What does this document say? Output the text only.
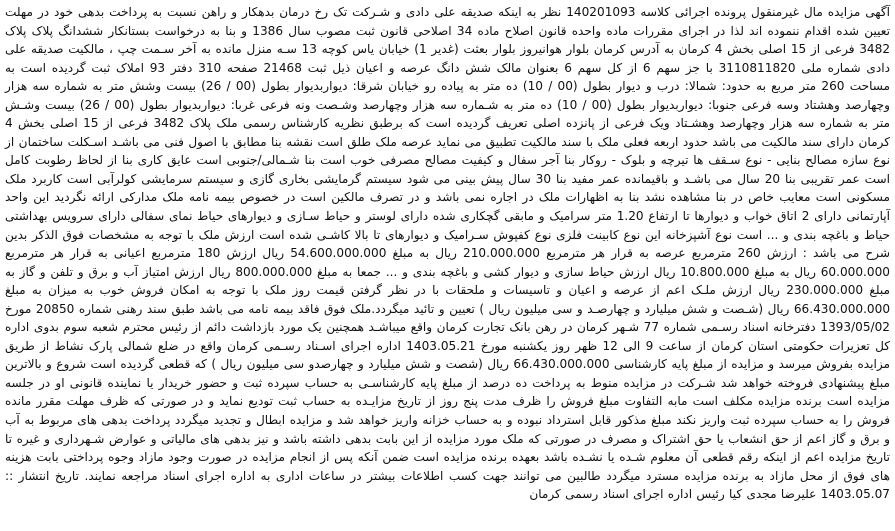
آگهی مزایده مال غیرمنقول پرونده اجرائی کلاسه 140201093 نظر به اینکه صدیقه علی دادی و شـرکت تک رخ درمان بدهکار و راهن نسبت به پرداخت بدهی خود در مهلت تعیین شده اقدام ننموده اند لذا در اجرای مقررات ماده واحده قانون اصلاح ماده 34 اصلاحی قانون ثبت مصوب سال 1386 و بنا به درخواست بستانکار ششدانگ پلاک پلاک 3482 فرعی از 15 اصلی بخش 4 کرمان به آدرس کرمان بلوار هوانیروز بلوار بعثت (غدیر 1) خیابان یاس کوچه 13 سـه منزل مانده به آخر سـمت چپ ، مالکیت صدیقه علی دادی شماره ملی 3110811820 با جز سهم 6 از کل سهم 6 بعنوان مالک شش دانگ عرصه و اعیان ذیل ثبت 21468 صفحه 310 دفتر 93 املاک ثبت گردیده است به مساحت 260 متر مربع به حدود: شمالا: درب و دیوار بطول (00 / 10) ده متر به پیاده رو خیابان شرقا: دیواربدیوار بطول (00 / 26) بیست وشش متر به شماره سه هزار وچهارصد وهشتاد وسه فرعی جنوبا: دیواربدیوار بطول (00 / 10) ده متر به شـماره سه هزار وچهارصد وشـصت ونه فرعی غربا: دیواربدیوار بطول (00 / 26) بیست وشـش متر به شماره سه هزار وچهارصد وهشـتاد ویک فرعی از پانزده اصلی تعریف گردیده است که برطبق نظریه کارشناس رسمی ملک پلاک 3482 فرعی از 15 اصلی بخش 4 کرمان دارای سند مالکیت می باشد حدود اربعه فعلی ملک با سند مالکیت تطبیق می نماید عرصه ملک طلق است نقشه بنا مطابق با اصول فنی می باشـد اسـکلت ساختمان از نوع سازه مصالح بنایی - نوع سـقف ها تیرچه و بلوک - روکار بنا آجر سفال و کیفیت مصالح مصرفی خوب است بنا شـمالی/جنوبی است عایق کاری بنا از لحاظ رطوبت کامل است عمر تقریبی بنا 20 سال می باشـد و باقیمانده عمر مفید بنا 30 سال پیش بینی می شود سیستم گرمایشی بخاری گازی و سیستم سرمایشی کولرآبی است کاربرد ملک مسکونی است معایب خاص در بنا مشاهده نشد بنا به اظهارات ملک در اجاره نمی باشد و در تصرف مالکین است در خصوص بیمه نامه ملک مدارکی ارائه نگردید این واحد آپارتمانی دارای 2 اتاق خواب و دیوارها تا ارتفاع 1.20 متر سرامیک و مابقی گچکاری شده دارای لوستر و حیاط سـازی و دیوارهای حیاط نمای سفالی دارای سرویس بهداشتی حیاط و باغچه بندی و ... است نوع آشپزخانه این نوع کابینت فلزی نوع کفپوش سـرامیک و دیوارهای تا بالا کاشـی شده است ارزش ملک با توجه به مشخصات فوق الذکر بدین شرح می باشد : ارزش 260 مترمربع عرصه به قرار هر مترمربع 210.000.000 ریال به مبلغ 54.600.000.000 ریال ارزش 180 مترمربع اعیانی به قرار هر مترمربع 60.000.000 ریال به مبلغ 10.800.000 ریال ارزش حیاط سازی و دیوار کشی و باغچه بندی و ... جمعا به مبلغ 800.000.000 ریال ارزش امتیاز آب و برق و تلفن و گاز به مبلغ 230.000.000 ریال ارزش ملـک اعم از عرصه و اعیان و تاسیسات و ملحقات با در نظر گرفتن قیمت روز ملک با توجه به امکان فروش خوب به میزان به مبلغ 66.430.000.000 ریال (شـصت و شش میلیارد و چهارصـد و سی میلیون ریال ) تعیین و تائید میگردد.ملک فوق فاقد بیمه نامه می باشد طبق سند رهنی شماره 20850 مورخ 1393/05/02 دفترخانه اسناد رسـمی شماره 77 شـهر کرمان در رهن بانک تجارت کرمان واقع میباشـد همچنین یک مورد بازداشت دائم از رئیس محترم شعبه سوم بدوی اداره کل تعزیرات حکومتی استان کرمان از ساعت 9 الی 12 ظهر روز یکشنبه مورخ 1403.05.21 اداره اجرای اسـناد رسـمی کرمان واقع در ضلع شمالی پارک نشاط از طریق مزایده بفروش میرسد و مزایده از مبلغ پایه کارشناسی 66.430.000.000 ریال (شصت و شش میلیارد و چهارصدو سی میلیون ریال ) که قطعی گردیده است شروع و بالاترین مبلغ پیشنهادی فروخته خواهد شد شـرکت در مزایده منوط به پرداخت ده درصد از مبلغ پایه کارشناسـی به حساب سپرده ثبت و حضور خریدار یا نماینده قانونی او در جلسه مزایده است برنده مزایده مکلف است مابه التفاوت مبلغ فروش را ظرف مدت پنج روز از تاریخ مزایـده به حساب ثبت تودیع نماید و در صورتی که ظرف مهلت مقرر مانده فروش را به حساب سپرده ثبت واریز نکند مبلغ مذکور قابل استرداد نبوده و به حساب خزانه واریز خواهد شد و مزایده ابطال و تجدید میگردد پرداخت بدهی های مربوط به آب و برق و گاز اعم از حق انشعاب یا حق اشتراک و مصرف در صورتی که ملک مورد مزایده از این بابت بدهی داشته باشد و نیز بدهی های مالیاتی و عوارض شـهرداری و غیره تا تاریخ مزایده اعم از اینکه رقم قطعی آن معلوم شـده یا نشـده باشد بعهده برنده مزایده است ضمن آنکه پس از انجام مزایده در صورت وجود مازاد وجوه پرداختی بابت هزینه های فوق از محل مازاد به برنده مزایده مسترد میگردد طالبین می توانند جهت کسب اطلاعات بیشتر در ساعات اداری به اداره اجرای اسناد مراجعه نمایند. تاریخ انتشار :: 1403.05.07 علیرضا مجدی کیا رئیس اداره اجرای اسناد رسمی کرمان
